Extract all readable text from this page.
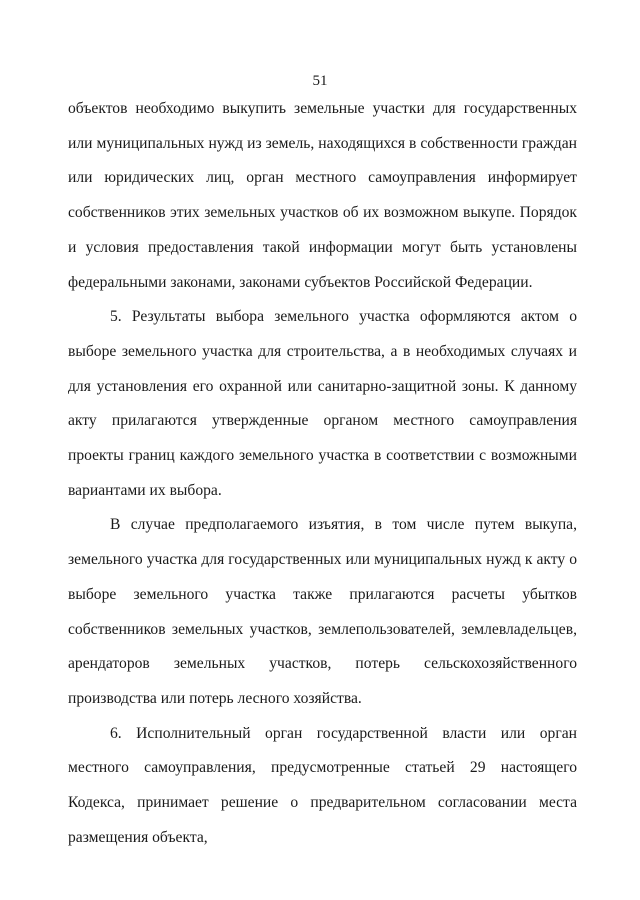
51

объектов необходимо выкупить земельные участки для государственных или муниципальных нужд из земель, находящихся в собственности граждан или юридических лиц, орган местного самоуправления информирует собственников этих земельных участков об их возможном выкупе. Порядок и условия предоставления такой информации могут быть установлены федеральными законами, законами субъектов Российской Федерации.

5. Результаты выбора земельного участка оформляются актом о выборе земельного участка для строительства, а в необходимых случаях и для установления его охранной или санитарно-защитной зоны. К данному акту прилагаются утвержденные органом местного самоуправления проекты границ каждого земельного участка в соответствии с возможными вариантами их выбора.

В случае предполагаемого изъятия, в том числе путем выкупа, земельного участка для государственных или муниципальных нужд к акту о выборе земельного участка также прилагаются расчеты убытков собственников земельных участков, землепользователей, землевладельцев, арендаторов земельных участков, потерь сельскохозяйственного производства или потерь лесного хозяйства.

6. Исполнительный орган государственной власти или орган местного самоуправления, предусмотренные статьей 29 настоящего Кодекса, принимает решение о предварительном согласовании места размещения объекта,
